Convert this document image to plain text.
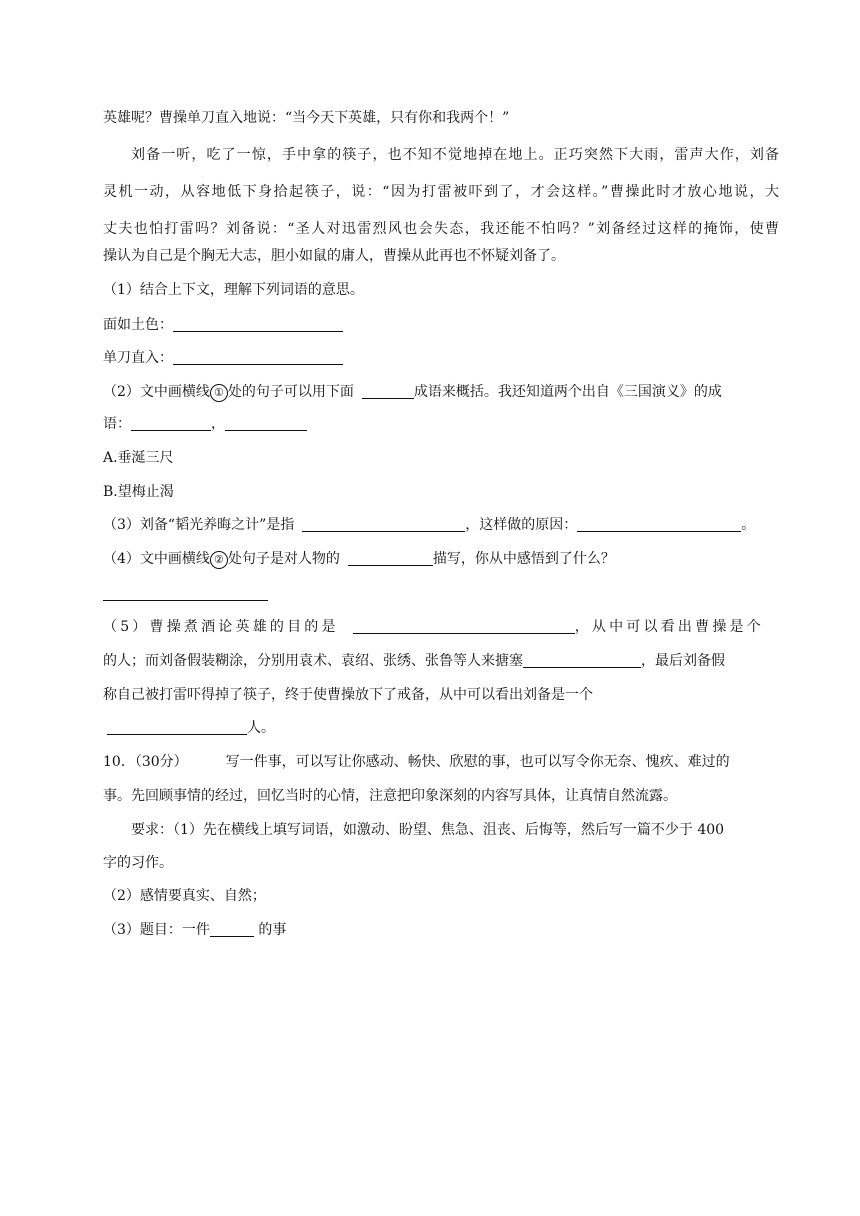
英雄呢？曹操单刀直入地说：“当今天下英雄，只有你和我两个！”
刘备一听，吃了一惊，手中拿的筷子，也不知不觉地掉在地上。正巧突然下大雨，雷声大作，刘备
灵机一动，从容地低下身拾起筷子，说：“因为打雷被吓到了，才会这样。”曹操此时才放心地说，大
丈夫也怕打雷吗？刘备说：“圣人对迅雷烈风也会失态，我还能不怕吗？”刘备经过这样的掩饰，使曹
操认为自己是个胸无大志，胆小如鼠的庸人，曹操从此再也不怀疑刘备了。
（1）结合上下文，理解下列词语的意思。
面如土色：
单刀直入：
（2）文中画横线 ① 处的句子可以用下面	成语来概括。我还知道两个出自《三国演义》的成
语：	，
A.垂涎三尺
B.望梅止渴
（3）刘备“韬光养晦之计”是指	，这样做的原因：	。
（4）文中画横线 ② 处句子是对人物的	描写，你从中感悟到了什么？
（5）曹操煮酒论英雄的目的是	，从中可以看出曹操是个
的人；而刘备假装糊涂，分别用袁术、袁绍、张绣、张鲁等人来搪塞	，最后刘备假
称自己被打雷吓得掉了筷子，终于使曹操放下了戒备，从中可以看出刘备是一个
人。
10．（30分）	写一件事，可以写让你感动、畅快、欣慰的事，也可以写令你无奈、愧疚、难过的
事。先回顾事情的经过，回忆当时的心情，注意把印象深刻的内容写具体，让真情自然流露。
要求：（1）先在横线上填写词语，如激动、盼望、焦急、沮丧、后悔等，然后写一篇不少于 400
字的习作。
（2）感情要真实、自然；
（3）题目：一件	的事
